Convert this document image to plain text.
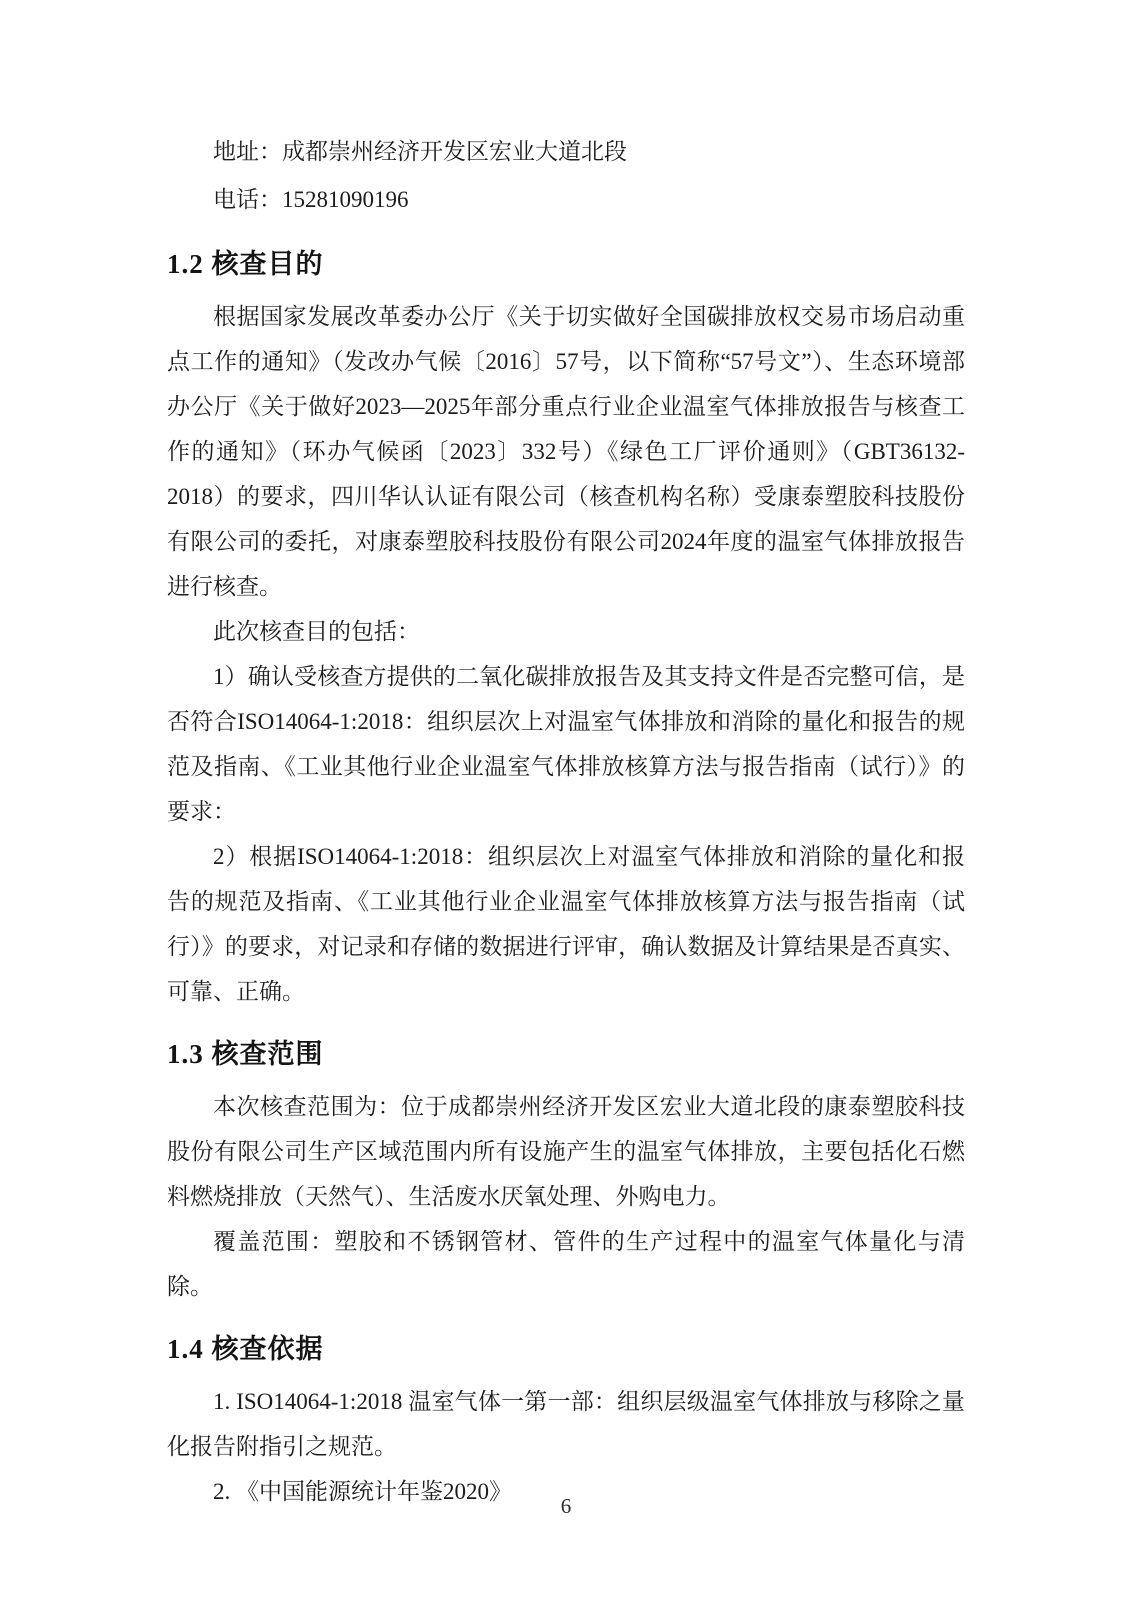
地址：成都崇州经济开发区宏业大道北段

电话：15281090196

1.2 核查目的

根据国家发展改革委办公厅《关于切实做好全国碳排放权交易市场启动重点工作的通知》（发改办气候〔2016〕57号，以下简称“57号文”）、生态环境部办公厅《关于做好2023—2025年部分重点行业企业温室气体排放报告与核查工作的通知》（环办气候函〔2023〕332号）《绿色工厂评价通则》（GBT36132-2018）的要求，四川华认认证有限公司（核查机构名称）受康泰塑胶科技股份有限公司的委托，对康泰塑胶科技股份有限公司2024年度的温室气体排放报告进行核查。

此次核查目的包括：

1）确认受核查方提供的二氧化碳排放报告及其支持文件是否完整可信，是否符合ISO14064-1:2018：组织层次上对温室气体排放和消除的量化和报告的规范及指南、《工业其他行业企业温室气体排放核算方法与报告指南（试行）》的要求：

2）根据ISO14064-1:2018：组织层次上对温室气体排放和消除的量化和报告的规范及指南、《工业其他行业企业温室气体排放核算方法与报告指南（试行）》的要求，对记录和存储的数据进行评审，确认数据及计算结果是否真实、可靠、正确。

1.3 核查范围

本次核查范围为：位于成都崇州经济开发区宏业大道北段的康泰塑胶科技股份有限公司生产区域范围内所有设施产生的温室气体排放，主要包括化石燃料燃烧排放（天然气）、生活废水厌氧处理、外购电力。

覆盖范围：塑胶和不锈钢管材、管件的生产过程中的温室气体量化与清除。

1.4 核查依据

1. ISO14064-1:2018 温室气体一第一部：组织层级温室气体排放与移除之量化报告附指引之规范。

2. 《中国能源统计年鉴2020》

6
